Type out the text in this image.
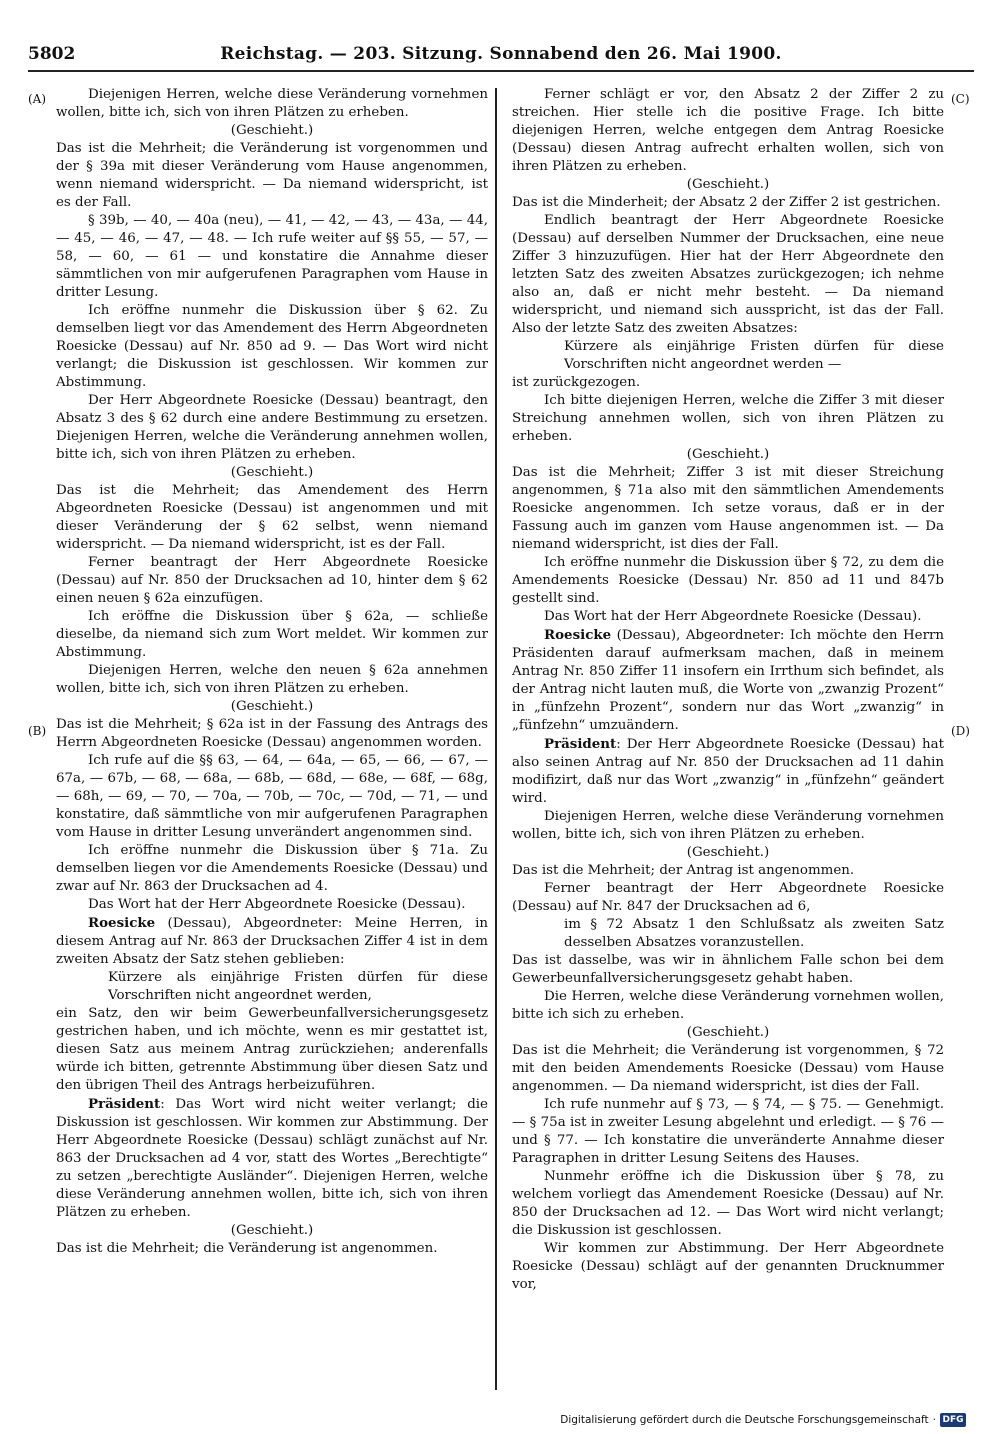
5802	Reichstag. — 203. Sitzung. Sonnabend den 26. Mai 1900.
(A)
(B)
(C)
(D)

Diejenigen Herren, welche diese Veränderung vornehmen wollen, bitte ich, sich von ihren Plätzen zu erheben.

(Geschieht.)

Das ist die Mehrheit; die Veränderung ist vorgenommen und der § 39a mit dieser Veränderung vom Hause angenommen, wenn niemand widerspricht. — Da niemand widerspricht, ist es der Fall.

§ 39b, — 40, — 40a (neu), — 41, — 42, — 43, — 43a, — 44, — 45, — 46, — 47, — 48. — Ich rufe weiter auf §§ 55, — 57, — 58, — 60, — 61 — und konstatire die Annahme dieser sämmtlichen von mir aufgerufenen Paragraphen vom Hause in dritter Lesung.

Ich eröffne nunmehr die Diskussion über § 62. Zu demselben liegt vor das Amendement des Herrn Abgeordneten Roesicke (Dessau) auf Nr. 850 ad 9. — Das Wort wird nicht verlangt; die Diskussion ist geschlossen. Wir kommen zur Abstimmung.

Der Herr Abgeordnete Roesicke (Dessau) beantragt, den Absatz 3 des § 62 durch eine andere Bestimmung zu ersetzen. Diejenigen Herren, welche die Veränderung annehmen wollen, bitte ich, sich von ihren Plätzen zu erheben.

(Geschieht.)

Das ist die Mehrheit; das Amendement des Herrn Abgeordneten Roesicke (Dessau) ist angenommen und mit dieser Veränderung der § 62 selbst, wenn niemand widerspricht. — Da niemand widerspricht, ist es der Fall.

Ferner beantragt der Herr Abgeordnete Roesicke (Dessau) auf Nr. 850 der Drucksachen ad 10, hinter dem § 62 einen neuen § 62a einzufügen.

Ich eröffne die Diskussion über § 62a, — schließe dieselbe, da niemand sich zum Wort meldet. Wir kommen zur Abstimmung.

Diejenigen Herren, welche den neuen § 62a annehmen wollen, bitte ich, sich von ihren Plätzen zu erheben.

(Geschieht.)

Das ist die Mehrheit; § 62a ist in der Fassung des Antrags des Herrn Abgeordneten Roesicke (Dessau) angenommen worden.

Ich rufe auf die §§ 63, — 64, — 64a, — 65, — 66, — 67, — 67a, — 67b, — 68, — 68a, — 68b, — 68d, — 68e, — 68f, — 68g, — 68h, — 69, — 70, — 70a, — 70b, — 70c, — 70d, — 71, — und konstatire, daß sämmtliche von mir aufgerufenen Paragraphen vom Hause in dritter Lesung unverändert angenommen sind.

Ich eröffne nunmehr die Diskussion über § 71a. Zu demselben liegen vor die Amendements Roesicke (Dessau) und zwar auf Nr. 863 der Drucksachen ad 4.

Das Wort hat der Herr Abgeordnete Roesicke (Dessau).

Roesicke (Dessau), Abgeordneter: Meine Herren, in diesem Antrag auf Nr. 863 der Drucksachen Ziffer 4 ist in dem zweiten Absatz der Satz stehen geblieben:

Kürzere als einjährige Fristen dürfen für diese Vorschriften nicht angeordnet werden,

ein Satz, den wir beim Gewerbeunfallversicherungsgesetz gestrichen haben, und ich möchte, wenn es mir gestattet ist, diesen Satz aus meinem Antrag zurückziehen; anderenfalls würde ich bitten, getrennte Abstimmung über diesen Satz und den übrigen Theil des Antrags herbeizuführen.

Präsident: Das Wort wird nicht weiter verlangt; die Diskussion ist geschlossen. Wir kommen zur Abstimmung. Der Herr Abgeordnete Roesicke (Dessau) schlägt zunächst auf Nr. 863 der Drucksachen ad 4 vor, statt des Wortes „Berechtigte“ zu setzen „berechtigte Ausländer“. Diejenigen Herren, welche diese Veränderung annehmen wollen, bitte ich, sich von ihren Plätzen zu erheben.

(Geschieht.)

Das ist die Mehrheit; die Veränderung ist angenommen.

Ferner schlägt er vor, den Absatz 2 der Ziffer 2 zu streichen. Hier stelle ich die positive Frage. Ich bitte diejenigen Herren, welche entgegen dem Antrag Roesicke (Dessau) diesen Antrag aufrecht erhalten wollen, sich von ihren Plätzen zu erheben.

(Geschieht.)

Das ist die Minderheit; der Absatz 2 der Ziffer 2 ist gestrichen.

Endlich beantragt der Herr Abgeordnete Roesicke (Dessau) auf derselben Nummer der Drucksachen, eine neue Ziffer 3 hinzuzufügen. Hier hat der Herr Abgeordnete den letzten Satz des zweiten Absatzes zurückgezogen; ich nehme also an, daß er nicht mehr besteht. — Da niemand widerspricht, und niemand sich ausspricht, ist das der Fall. Also der letzte Satz des zweiten Absatzes:

Kürzere als einjährige Fristen dürfen für diese Vorschriften nicht angeordnet werden —

ist zurückgezogen.

Ich bitte diejenigen Herren, welche die Ziffer 3 mit dieser Streichung annehmen wollen, sich von ihren Plätzen zu erheben.

(Geschieht.)

Das ist die Mehrheit; Ziffer 3 ist mit dieser Streichung angenommen, § 71a also mit den sämmtlichen Amendements Roesicke angenommen. Ich setze voraus, daß er in der Fassung auch im ganzen vom Hause angenommen ist. — Da niemand widerspricht, ist dies der Fall.

Ich eröffne nunmehr die Diskussion über § 72, zu dem die Amendements Roesicke (Dessau) Nr. 850 ad 11 und 847b gestellt sind.

Das Wort hat der Herr Abgeordnete Roesicke (Dessau).

Roesicke (Dessau), Abgeordneter: Ich möchte den Herrn Präsidenten darauf aufmerksam machen, daß in meinem Antrag Nr. 850 Ziffer 11 insofern ein Irrthum sich befindet, als der Antrag nicht lauten muß, die Worte von „zwanzig Prozent“ in „fünfzehn Prozent“, sondern nur das Wort „zwanzig“ in „fünfzehn“ umzuändern.

Präsident: Der Herr Abgeordnete Roesicke (Dessau) hat also seinen Antrag auf Nr. 850 der Drucksachen ad 11 dahin modifizirt, daß nur das Wort „zwanzig“ in „fünfzehn“ geändert wird.

Diejenigen Herren, welche diese Veränderung vornehmen wollen, bitte ich, sich von ihren Plätzen zu erheben.

(Geschieht.)

Das ist die Mehrheit; der Antrag ist angenommen.

Ferner beantragt der Herr Abgeordnete Roesicke (Dessau) auf Nr. 847 der Drucksachen ad 6,

im § 72 Absatz 1 den Schlußsatz als zweiten Satz desselben Absatzes voranzustellen.

Das ist dasselbe, was wir in ähnlichem Falle schon bei dem Gewerbeunfallversicherungsgesetz gehabt haben.

Die Herren, welche diese Veränderung vornehmen wollen, bitte ich sich zu erheben.

(Geschieht.)

Das ist die Mehrheit; die Veränderung ist vorgenommen, § 72 mit den beiden Amendements Roesicke (Dessau) vom Hause angenommen. — Da niemand widerspricht, ist dies der Fall.

Ich rufe nunmehr auf § 73, — § 74, — § 75. — Genehmigt. — § 75a ist in zweiter Lesung abgelehnt und erledigt. — § 76 — und § 77. — Ich konstatire die unveränderte Annahme dieser Paragraphen in dritter Lesung Seitens des Hauses.

Nunmehr eröffne ich die Diskussion über § 78, zu welchem vorliegt das Amendement Roesicke (Dessau) auf Nr. 850 der Drucksachen ad 12. — Das Wort wird nicht verlangt; die Diskussion ist geschlossen.

Wir kommen zur Abstimmung. Der Herr Abgeordnete Roesicke (Dessau) schlägt auf der genannten Drucknummer vor,

Digitalisierung gefördert durch die Deutsche Forschungsgemeinschaft · DFG
